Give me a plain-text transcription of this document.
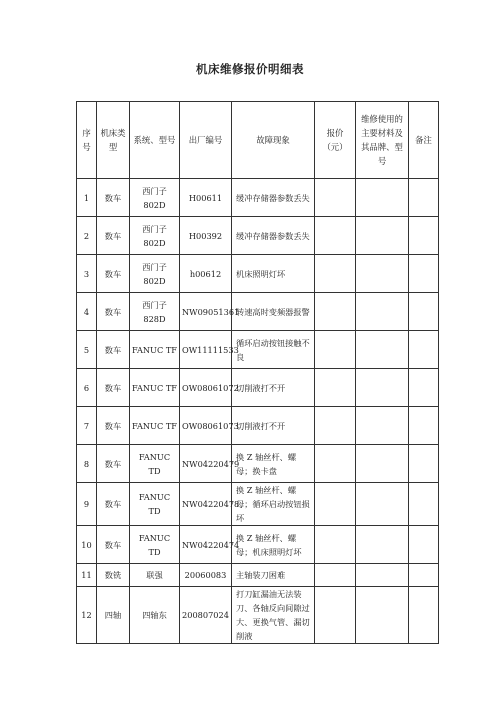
机床维修报价明细表
序号	机床类型	系统、型号	出厂编号	故障现象	报价（元）	维修使用的主要材料及其品牌、型号	备注
1	数车	西门子802D	H00611	缓冲存储器参数丢失			
2	数车	西门子802D	H00392	缓冲存储器参数丢失			
3	数车	西门子802D	h00612	机床照明灯坏			
4	数车	西门子828D	NW09051361	转速高时变频器报警			
5	数车	FANUC TF	OW11111533	循环启动按钮接触不良			
6	数车	FANUC TF	OW08061072	切削液打不开			
7	数车	FANUC TF	OW08061073	切削液打不开			
8	数车	FANUC TD	NW04220479	换 Z 轴丝杆、螺母；换卡盘			
9	数车	FANUC TD	NW04220478	换 Z 轴丝杆、螺母；循环启动按钮损坏			
10	数车	FANUC TD	NW04220474	换 Z 轴丝杆、螺母；机床照明灯坏			
11	数铣	联强	20060083	主轴装刀困难			
12	四轴	四轴东	200807024	打刀缸漏油无法装刀、各轴反向间隙过大、更换气管、漏切削液			
